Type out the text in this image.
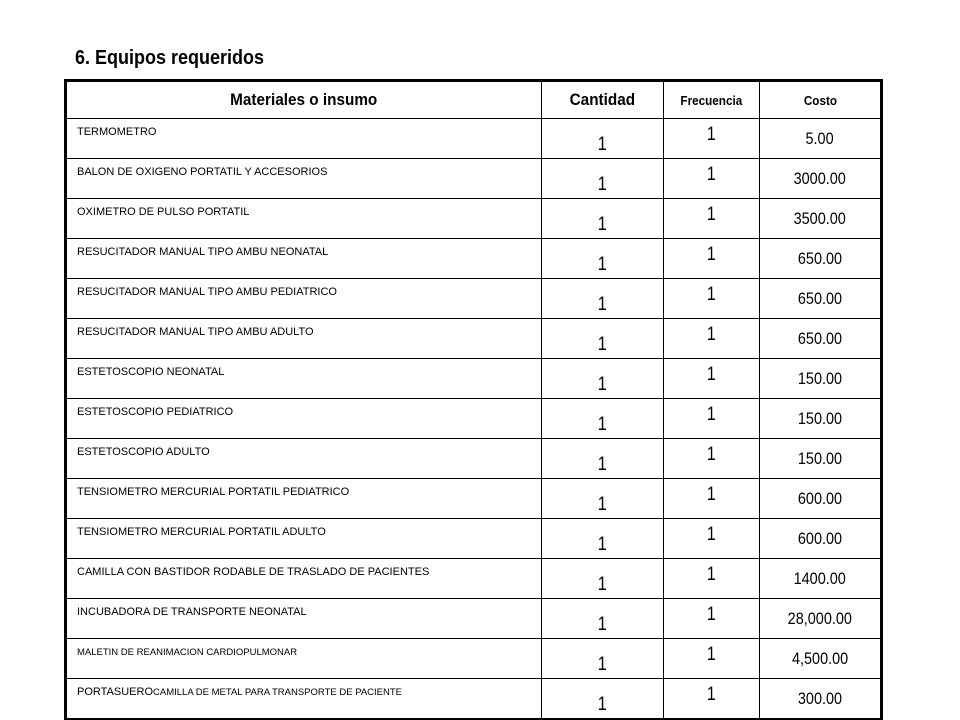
6. Equipos requeridos
Materiales o insumo	Cantidad	Frecuencia	Costo
TERMOMETRO	1	1	5.00
BALON DE OXIGENO PORTATIL Y ACCESORIOS	1	1	3000.00
OXIMETRO DE PULSO PORTATIL	1	1	3500.00
RESUCITADOR MANUAL TIPO AMBU NEONATAL	1	1	650.00
RESUCITADOR MANUAL TIPO AMBU PEDIATRICO	1	1	650.00
RESUCITADOR MANUAL TIPO AMBU ADULTO	1	1	650.00
ESTETOSCOPIO NEONATAL	1	1	150.00
ESTETOSCOPIO PEDIATRICO	1	1	150.00
ESTETOSCOPIO ADULTO	1	1	150.00
TENSIOMETRO MERCURIAL PORTATIL PEDIATRICO	1	1	600.00
TENSIOMETRO MERCURIAL PORTATIL ADULTO	1	1	600.00
CAMILLA CON BASTIDOR RODABLE DE TRASLADO DE PACIENTES	1	1	1400.00
INCUBADORA DE TRANSPORTE NEONATAL	1	1	28,000.00
MALETIN DE REANIMACION CARDIOPULMONAR	1	1	4,500.00
PORTASUEROCAMILLA DE METAL PARA TRANSPORTE DE PACIENTE	1	1	300.00
